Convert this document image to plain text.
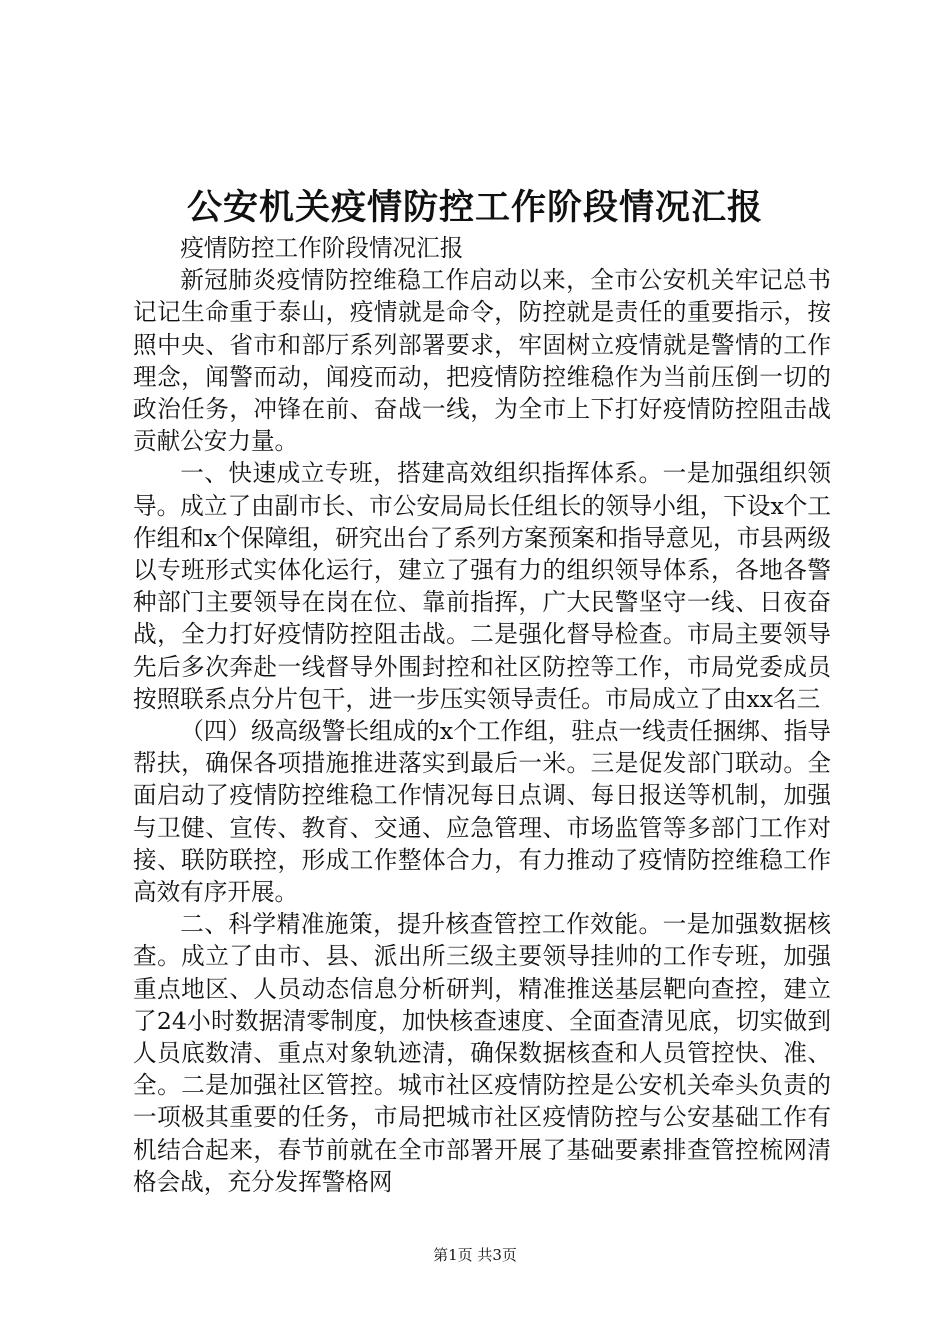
公安机关疫情防控工作阶段情况汇报

疫情防控工作阶段情况汇报

新冠肺炎疫情防控维稳工作启动以来，全市公安机关牢记总书记记生命重于泰山，疫情就是命令，防控就是责任的重要指示，按照中央、省市和部厅系列部署要求，牢固树立疫情就是警情的工作理念，闻警而动，闻疫而动，把疫情防控维稳作为当前压倒一切的政治任务，冲锋在前、奋战一线，为全市上下打好疫情防控阻击战贡献公安力量。

一、快速成立专班，搭建高效组织指挥体系。一是加强组织领导。成立了由副市长、市公安局局长任组长的领导小组，下设x个工作组和x个保障组，研究出台了系列方案预案和指导意见，市县两级以专班形式实体化运行，建立了强有力的组织领导体系，各地各警种部门主要领导在岗在位、靠前指挥，广大民警坚守一线、日夜奋战，全力打好疫情防控阻击战。二是强化督导检查。市局主要领导先后多次奔赴一线督导外围封控和社区防控等工作，市局党委成员按照联系点分片包干，进一步压实领导责任。市局成立了由xx名三

（四）级高级警长组成的x个工作组，驻点一线责任捆绑、指导帮扶，确保各项措施推进落实到最后一米。三是促发部门联动。全面启动了疫情防控维稳工作情况每日点调、每日报送等机制，加强与卫健、宣传、教育、交通、应急管理、市场监管等多部门工作对接、联防联控，形成工作整体合力，有力推动了疫情防控维稳工作高效有序开展。

二、科学精准施策，提升核查管控工作效能。一是加强数据核查。成立了由市、县、派出所三级主要领导挂帅的工作专班，加强重点地区、人员动态信息分析研判，精准推送基层靶向查控，建立了24小时数据清零制度，加快核查速度、全面查清见底，切实做到人员底数清、重点对象轨迹清，确保数据核查和人员管控快、准、全。二是加强社区管控。城市社区疫情防控是公安机关牵头负责的一项极其重要的任务，市局把城市社区疫情防控与公安基础工作有机结合起来，春节前就在全市部署开展了基础要素排查管控梳网清格会战，充分发挥警格网

第1页 共3页
